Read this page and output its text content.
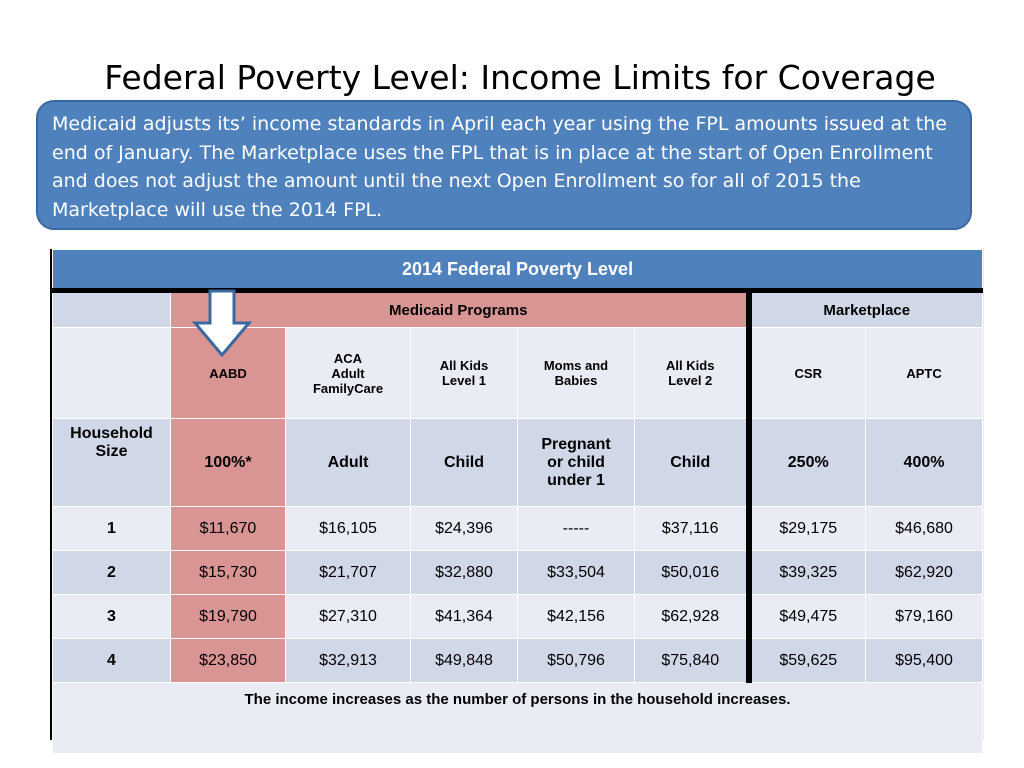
Federal Poverty Level: Income Limits for Coverage
Medicaid adjusts its’ income standards in April each year using the FPL amounts issued at the end of January. The Marketplace uses the FPL that is in place at the start of Open Enrollment and does not adjust the amount until the next Open Enrollment so for all of 2015 the Marketplace will use the 2014 FPL.
2014 Federal Poverty Level							
	Medicaid Programs					Marketplace	
	AABD	ACA
Adult
FamilyCare	All Kids
Level 1	Moms and
Babies	All Kids
Level 2	CSR	APTC
Household
Size	100%*	Adult	Child	Pregnant
or child
under 1	Child	250%	400%
1	$11,670	$16,105	$24,396	-----	$37,116	$29,175	$46,680
2	$15,730	$21,707	$32,880	$33,504	$50,016	$39,325	$62,920
3	$19,790	$27,310	$41,364	$42,156	$62,928	$49,475	$79,160
4	$23,850	$32,913	$49,848	$50,796	$75,840	$59,625	$95,400
The income increases as the number of persons in the household increases.							
